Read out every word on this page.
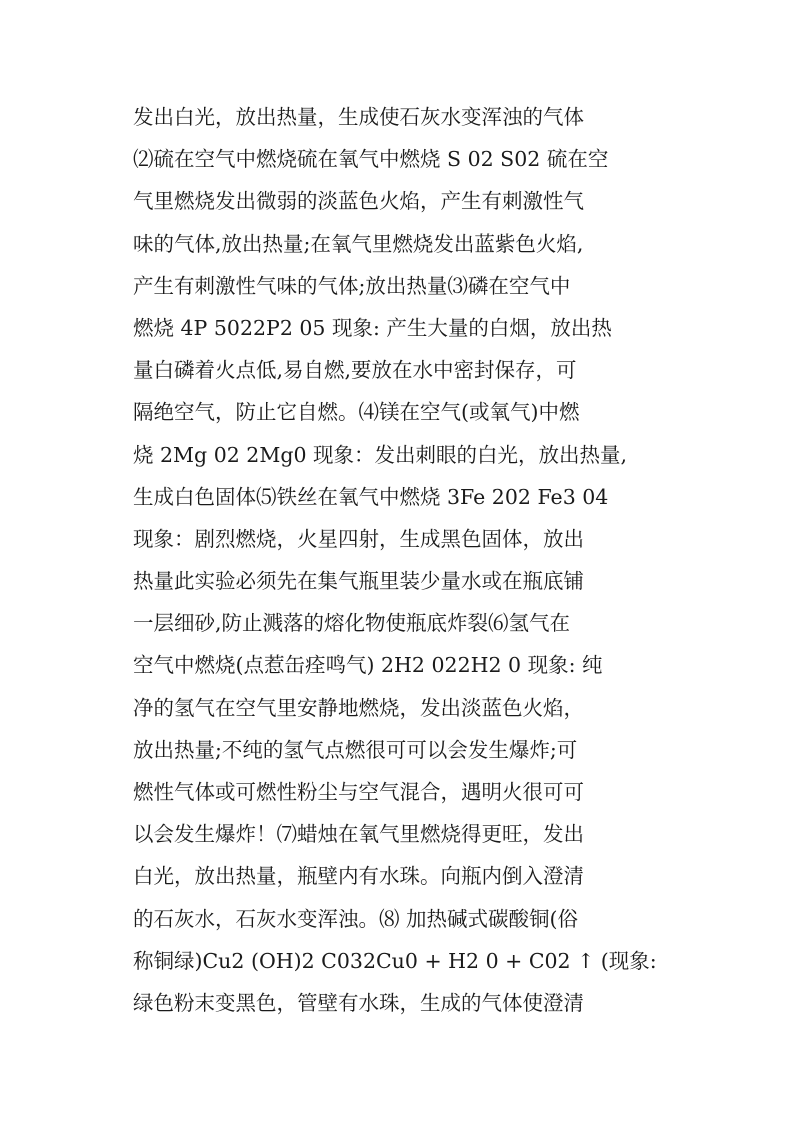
发出白光，放出热量，生成使石灰水变浑浊的气体
⑵硫在空气中燃烧硫在氧气中燃烧 S 02 S02 硫在空
气里燃烧发出微弱的淡蓝色火焰，产生有刺激性气
味的气体,放出热量;在氧气里燃烧发出蓝紫色火焰,
产生有刺激性气味的气体;放出热量⑶磷在空气中
燃烧 4P 5022P2 05 现象: 产生大量的白烟，放出热
量白磷着火点低,易自燃,要放在水中密封保存，可
隔绝空气，防止它自燃。⑷镁在空气(或氧气)中燃
烧 2Mg 02 2Mg0 现象：发出刺眼的白光，放出热量,
生成白色固体⑸铁丝在氧气中燃烧 3Fe 202 Fe3 04
现象：剧烈燃烧，火星四射，生成黑色固体，放出
热量此实验必须先在集气瓶里装少量水或在瓶底铺
一层细砂,防止溅落的熔化物使瓶底炸裂⑹氢气在
空气中燃烧(点惹缶痊鸣气) 2H2 022H2 0 现象: 纯
净的氢气在空气里安静地燃烧，发出淡蓝色火焰，
放出热量;不纯的氢气点燃很可可以会发生爆炸;可
燃性气体或可燃性粉尘与空气混合，遇明火很可可
以会发生爆炸！⑺蜡烛在氧气里燃烧得更旺，发出
白光，放出热量，瓶壁内有水珠。向瓶内倒入澄清
的石灰水，石灰水变浑浊。⑻ 加热碱式碳酸铜(俗
称铜绿)Cu2 (OH)2 C032Cu0 + H2 0 + C02 ↑ (现象:
绿色粉末变黑色，管壁有水珠，生成的气体使澄清
